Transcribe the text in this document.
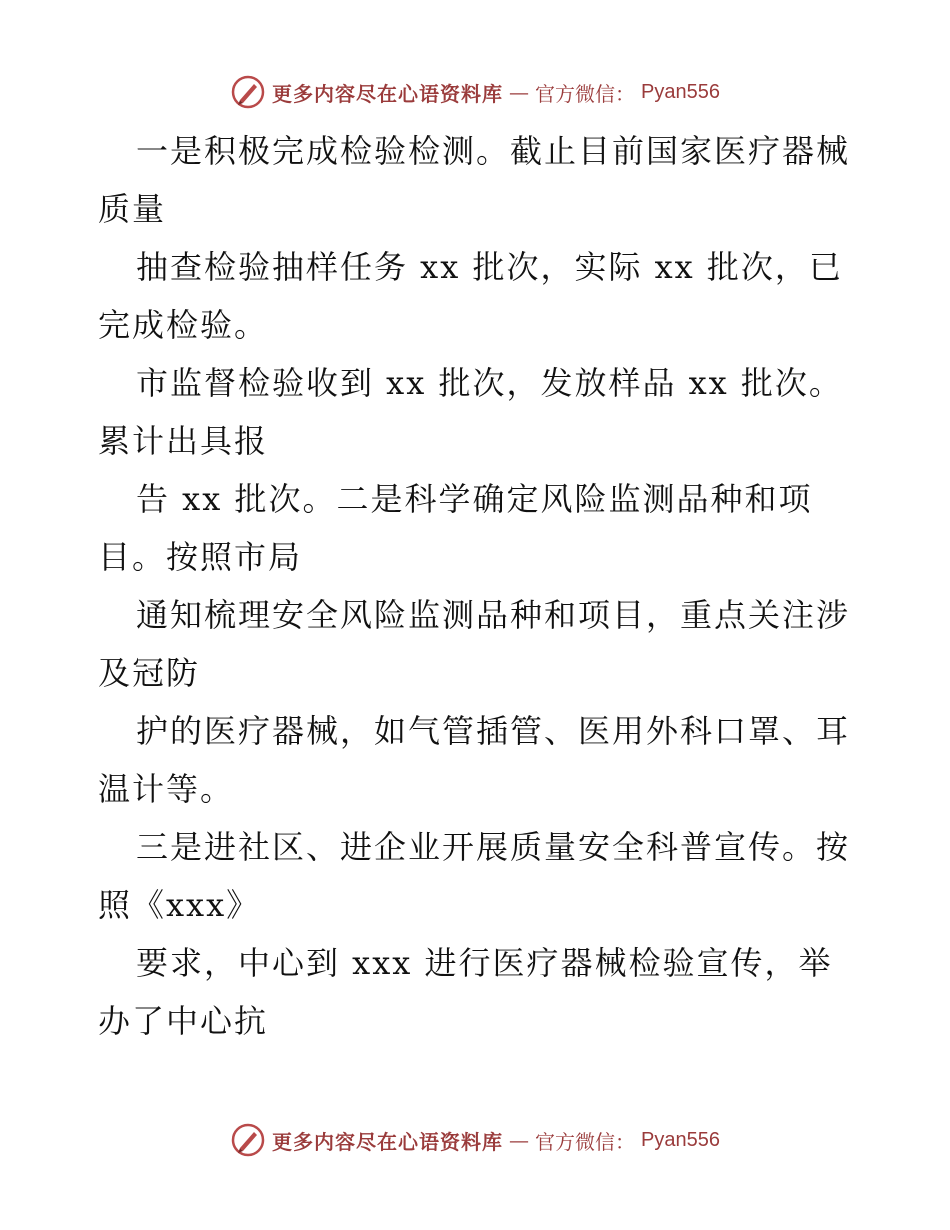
更多内容尽在心语资料库 — 官方微信： Pyan556
一是积极完成检验检测。截止目前国家医疗器械
质量
抽查检验抽样任务 xx 批次，实际 xx 批次，已
完成检验。
市监督检验收到 xx 批次，发放样品 xx 批次。
累计出具报
告 xx 批次。二是科学确定风险监测品种和项
目。按照市局
通知梳理安全风险监测品种和项目，重点关注涉
及冠防
护的医疗器械，如气管插管、医用外科口罩、耳
温计等。
三是进社区、进企业开展质量安全科普宣传。按
照《xxx》
要求，中心到 xxx 进行医疗器械检验宣传，举
办了中心抗
更多内容尽在心语资料库 — 官方微信： Pyan556
